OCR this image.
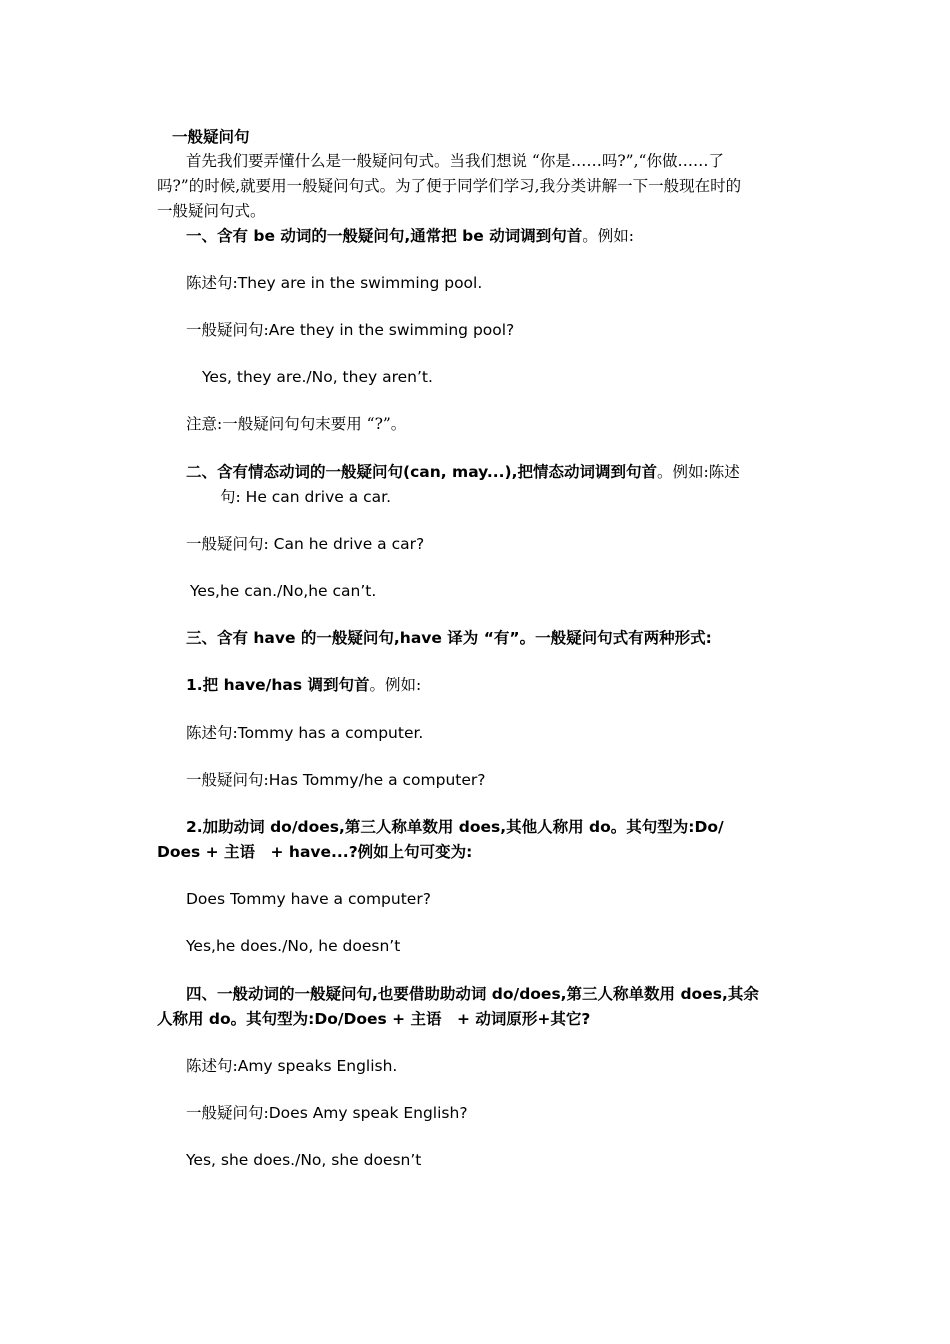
一般疑问句
首先我们要弄懂什么是一般疑问句式。当我们想说 “你是……吗?”,“你做……了
吗?”的时候,就要用一般疑问句式。为了便于同学们学习,我分类讲解一下一般现在时的
一般疑问句式。
一、含有 be 动词的一般疑问句,通常把 be 动词调到句首。例如:
陈述句:They are in the swimming pool.
一般疑问句:Are they in the swimming pool?
Yes, they are./No, they aren’t.
注意:一般疑问句句末要用 “?”。
二、含有情态动词的一般疑问句(can, may...),把情态动词调到句首。例如:陈述
句: He can drive a car.
一般疑问句: Can he drive a car?
Yes,he can./No,he can’t.
三、含有 have 的一般疑问句,have 译为 “有”。一般疑问句式有两种形式:
1.把 have/has 调到句首。例如:
陈述句:Tommy has a computer.
一般疑问句:Has Tommy/he a computer?
2.加助动词 do/does,第三人称单数用 does,其他人称用 do。其句型为:Do/
Does + 主语　+ have...?例如上句可变为:
Does Tommy have a computer?
Yes,he does./No, he doesn’t
四、一般动词的一般疑问句,也要借助助动词 do/does,第三人称单数用 does,其余
人称用 do。其句型为:Do/Does + 主语　+ 动词原形+其它?
陈述句:Amy speaks English.
一般疑问句:Does Amy speak English?
Yes, she does./No, she doesn’t
